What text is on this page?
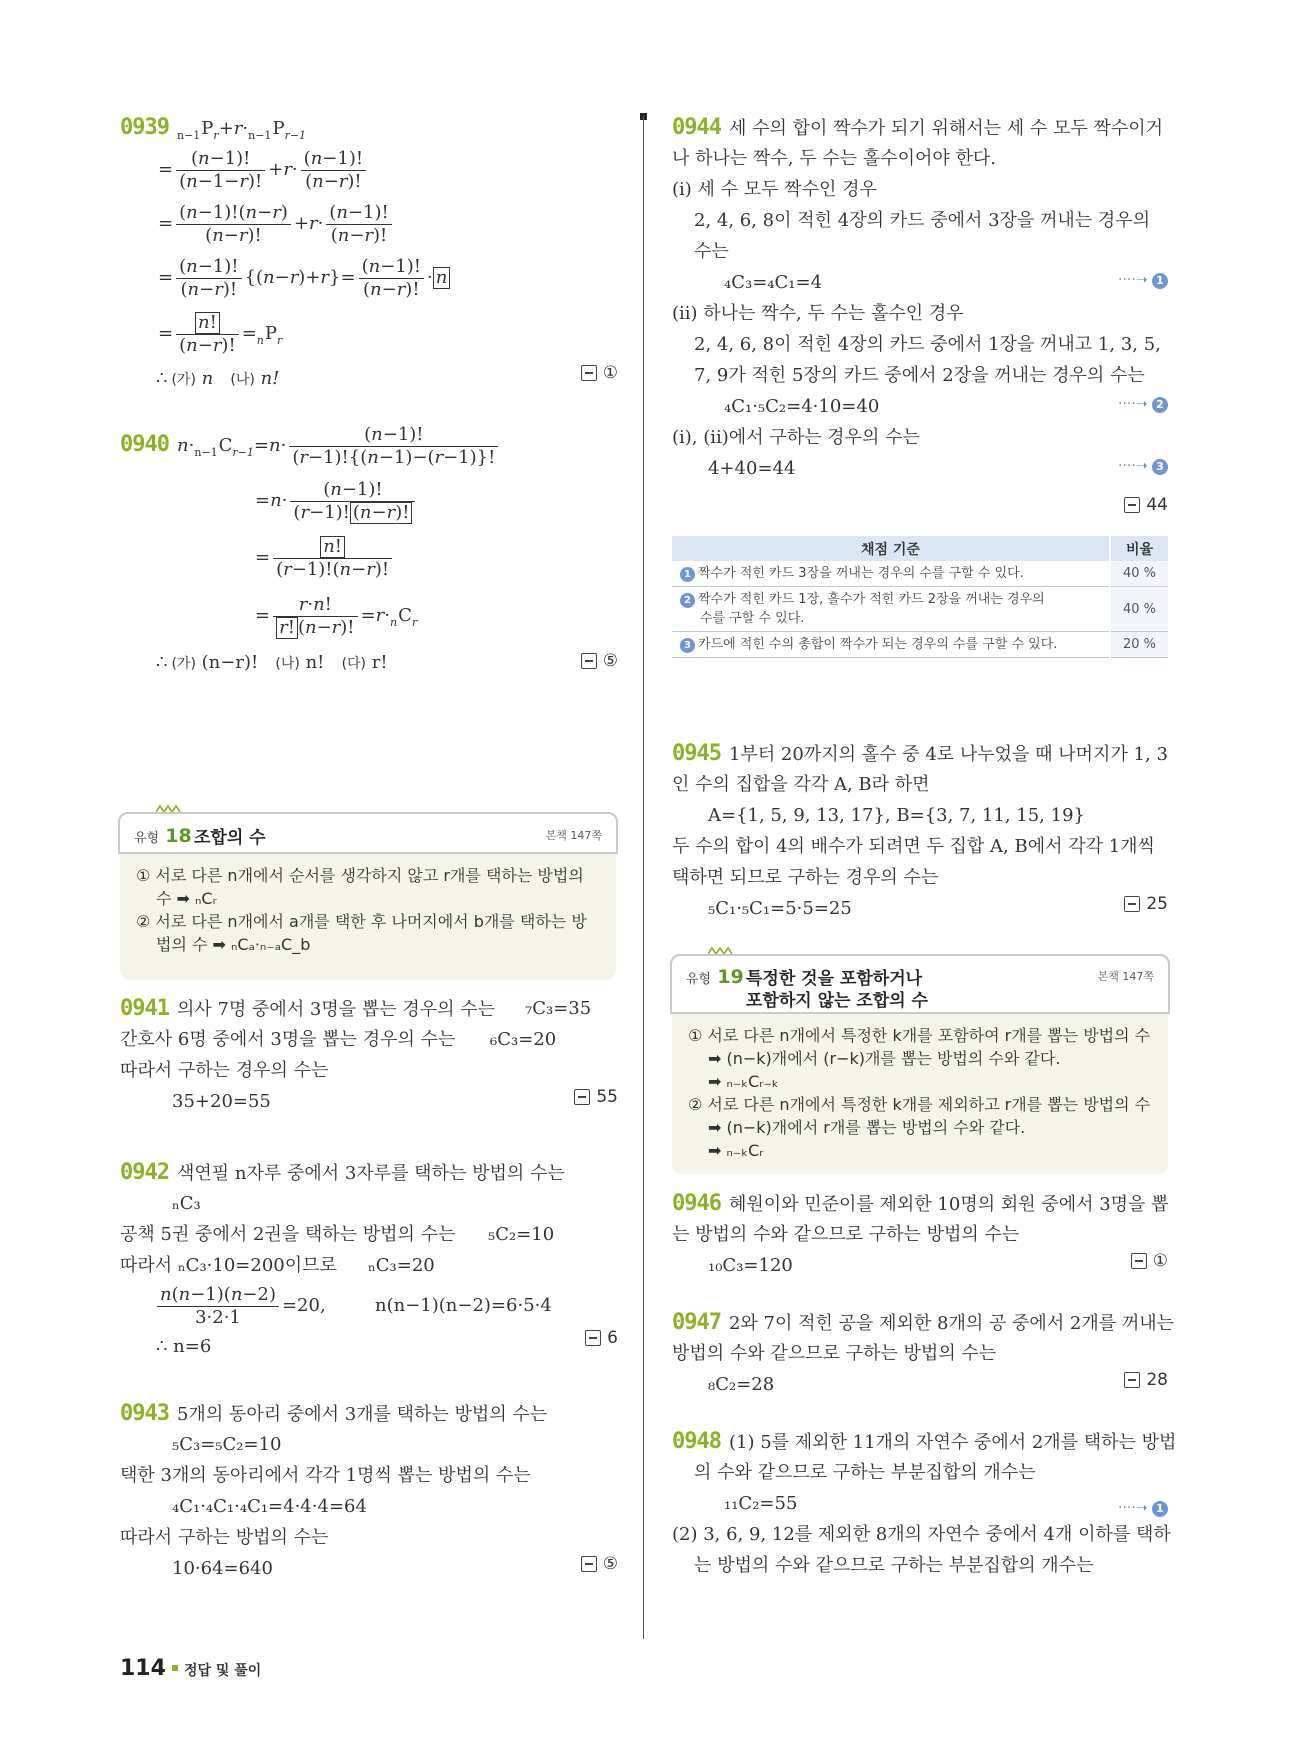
0939 $_{n-1}P_r+r\cdot_{n-1}P_{r-1}$
= $\frac{(n-1)!}{(n-1-r)!} +r\cdot \frac{(n-1)!}{(n-r)!}$
= $\frac{(n-1)!(n-r)}{(n-r)!} +r\cdot \frac{(n-1)!}{(n-r)!}$
= $\frac{(n-1)!}{(n-r)!} \{(n-r)+r\}= \frac{(n-1)!}{(n-r)!} \cdot n$
= $\frac{n!}{(n-r)!} =_nP_r$
∴ (가) n (나) n!	①
0940 $n\cdot_{n-1}C_{r-1}=n\cdot \frac{(n-1)!}{(r-1)!\{(n-1)-(r-1)\}!}$
$=n\cdot \frac{(n-1)!}{(r-1)! (n-r)!}$
= $\frac{n!}{(r-1)!(n-r)!}$
= $\frac{r\cdot n!}{r! (n-r)!} =r\cdot_nC_r$
∴ (가) (n−r)! (나) n! (다) r!	⑤
유형 18 조합의 수	본책 147쪽
① 서로 다른 n개에서 순서를 생각하지 않고 r개를 택하는 방법의
수 ➡ ₙCᵣ
② 서로 다른 n개에서 a개를 택한 후 나머지에서 b개를 택하는 방
법의 수 ➡ ₙCₐ·ₙ₋ₐC_b
0941 의사 7명 중에서 3명을 뽑는 경우의 수는 ₇C₃=35
간호사 6명 중에서 3명을 뽑는 경우의 수는 ₆C₃=20
따라서 구하는 경우의 수는
35+20=55	55
0942 색연필 n자루 중에서 3자루를 택하는 방법의 수는
ₙC₃
공책 5권 중에서 2권을 택하는 방법의 수는 ₅C₂=10
따라서 ₙC₃·10=200이므로 ₙC₃=20
$\frac{n(n-1)(n-2)}{3\cdot 2\cdot 1} =20$,	n(n−1)(n−2)=6·5·4
∴ n=6	6
0943 5개의 동아리 중에서 3개를 택하는 방법의 수는
₅C₃=₅C₂=10
택한 3개의 동아리에서 각각 1명씩 뽑는 방법의 수는
₄C₁·₄C₁·₄C₁=4·4·4=64
따라서 구하는 방법의 수는
10·64=640	⑤
0944 세 수의 합이 짝수가 되기 위해서는 세 수 모두 짝수이거
나 하나는 짝수, 두 수는 홀수이어야 한다.
(ⅰ) 세 수 모두 짝수인 경우
2, 4, 6, 8이 적힌 4장의 카드 중에서 3장을 꺼내는 경우의
수는
₄C₃=₄C₁=4
(ⅱ) 하나는 짝수, 두 수는 홀수인 경우
2, 4, 6, 8이 적힌 4장의 카드 중에서 1장을 꺼내고 1, 3, 5,
7, 9가 적힌 5장의 카드 중에서 2장을 꺼내는 경우의 수는
₄C₁·₅C₂=4·10=40
(ⅰ), (ⅱ)에서 구하는 경우의 수는
4+40=44
····➝ 1
····➝ 2
····➝ 3
44
채점 기준	비율
1 짝수가 적힌 카드 3장을 꺼내는 경우의 수를 구할 수 있다.	40 %
2 짝수가 적힌 카드 1장, 홀수가 적힌 카드 2장을 꺼내는 경우의
수를 구할 수 있다.	40 %
3 카드에 적힌 수의 총합이 짝수가 되는 경우의 수를 구할 수 있다.	20 %
0945 1부터 20까지의 홀수 중 4로 나누었을 때 나머지가 1, 3
인 수의 집합을 각각 A, B라 하면
A={1, 5, 9, 13, 17}, B={3, 7, 11, 15, 19}
두 수의 합이 4의 배수가 되려면 두 집합 A, B에서 각각 1개씩
택하면 되므로 구하는 경우의 수는
₅C₁·₅C₁=5·5=25	25
유형 19 특정한 것을 포함하거나
포함하지 않는 조합의 수
본책 147쪽
① 서로 다른 n개에서 특정한 k개를 포함하여 r개를 뽑는 방법의 수
➡ (n−k)개에서 (r−k)개를 뽑는 방법의 수와 같다.
➡ ₙ₋ₖCᵣ₋ₖ
② 서로 다른 n개에서 특정한 k개를 제외하고 r개를 뽑는 방법의 수
➡ (n−k)개에서 r개를 뽑는 방법의 수와 같다.
➡ ₙ₋ₖCᵣ
0946 혜원이와 민준이를 제외한 10명의 회원 중에서 3명을 뽑
는 방법의 수와 같으므로 구하는 방법의 수는
₁₀C₃=120	①
0947 2와 7이 적힌 공을 제외한 8개의 공 중에서 2개를 꺼내는
방법의 수와 같으므로 구하는 방법의 수는
₈C₂=28	28
0948 (1) 5를 제외한 11개의 자연수 중에서 2개를 택하는 방법
의 수와 같으므로 구하는 부분집합의 개수는
₁₁C₂=55
(2) 3, 6, 9, 12를 제외한 8개의 자연수 중에서 4개 이하를 택하
는 방법의 수와 같으므로 구하는 부분집합의 개수는
····➝ 1
114 정답 및 풀이
